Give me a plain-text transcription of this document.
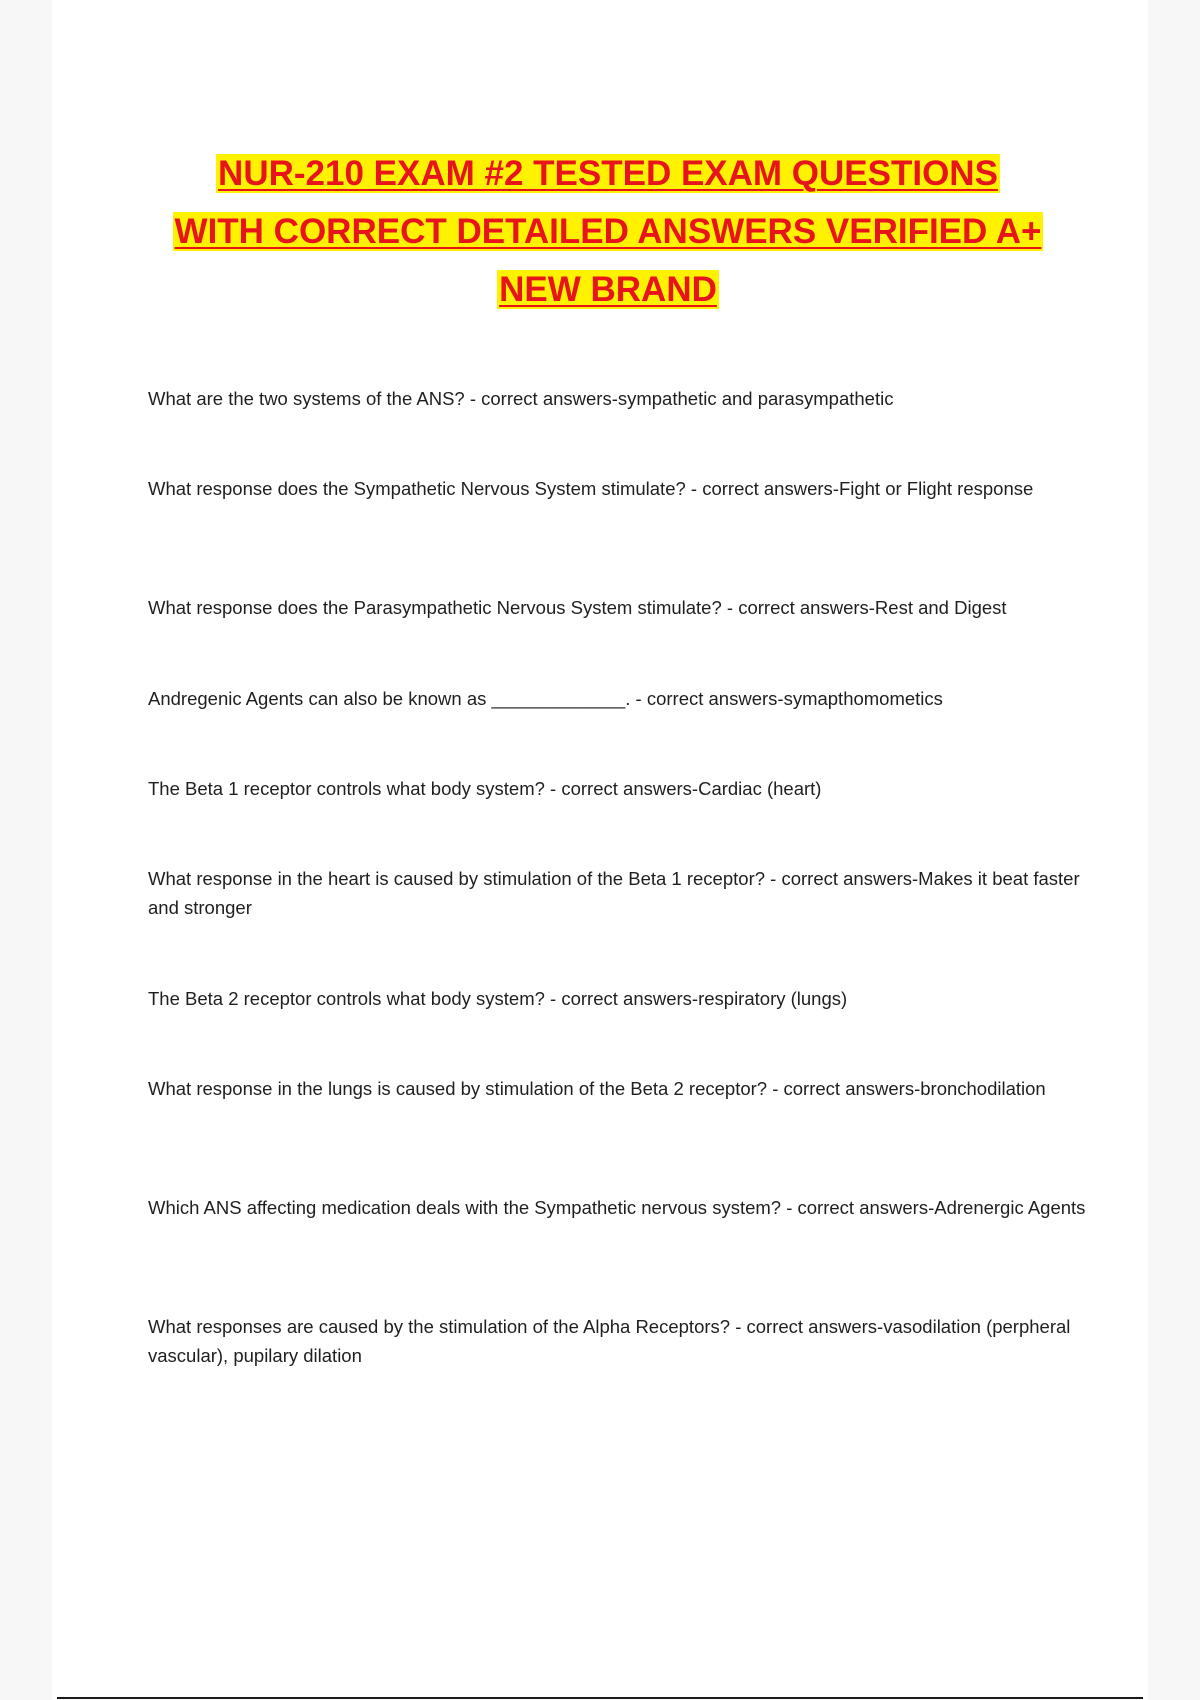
NUR-210 EXAM #2 TESTED EXAM QUESTIONS
WITH CORRECT DETAILED ANSWERS VERIFIED A+
NEW BRAND
What are the two systems of the ANS? - correct answers-sympathetic and parasympathetic
What response does the Sympathetic Nervous System stimulate? - correct answers-Fight or Flight response
What response does the Parasympathetic Nervous System stimulate? - correct answers-Rest and Digest
Andregenic Agents can also be known as _____________. - correct answers-symapthomometics
The Beta 1 receptor controls what body system? - correct answers-Cardiac (heart)
What response in the heart is caused by stimulation of the Beta 1 receptor? - correct answers-Makes it beat faster and stronger
The Beta 2 receptor controls what body system? - correct answers-respiratory (lungs)
What response in the lungs is caused by stimulation of the Beta 2 receptor? - correct answers-bronchodilation
Which ANS affecting medication deals with the Sympathetic nervous system? - correct answers-Adrenergic Agents
What responses are caused by the stimulation of the Alpha Receptors? - correct answers-vasodilation (perpheral vascular), pupilary dilation
